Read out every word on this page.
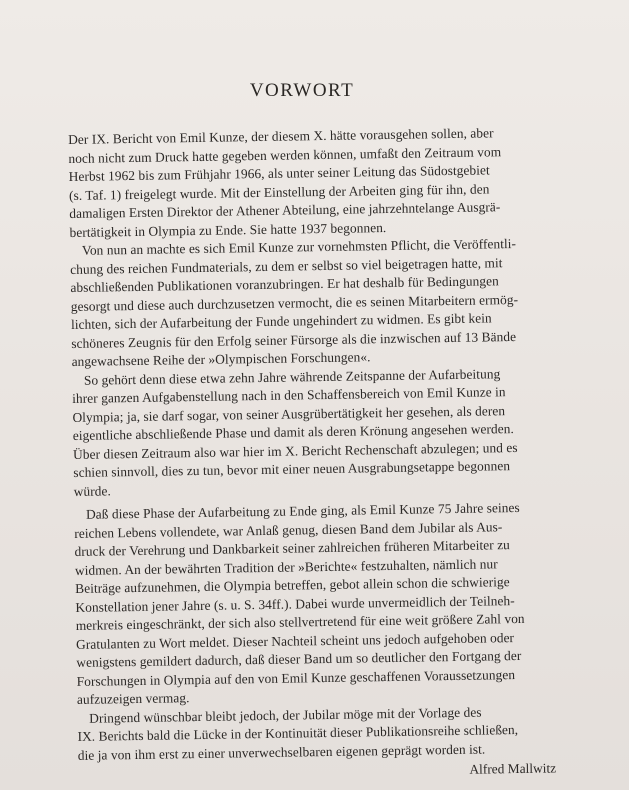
VORWORT
Der IX. Bericht von Emil Kunze, der diesem X. hätte vorausgehen sollen, aber
noch nicht zum Druck hatte gegeben werden können, umfaßt den Zeitraum vom
Herbst 1962 bis zum Frühjahr 1966, als unter seiner Leitung das Südostgebiet
(s. Taf. 1) freigelegt wurde. Mit der Einstellung der Arbeiten ging für ihn, den
damaligen Ersten Direktor der Athener Abteilung, eine jahrzehntelange Ausgrä-
bertätigkeit in Olympia zu Ende. Sie hatte 1937 begonnen.
Von nun an machte es sich Emil Kunze zur vornehmsten Pflicht, die Veröffentli-
chung des reichen Fundmaterials, zu dem er selbst so viel beigetragen hatte, mit
abschließenden Publikationen voranzubringen. Er hat deshalb für Bedingungen
gesorgt und diese auch durchzusetzen vermocht, die es seinen Mitarbeitern ermög-
lichten, sich der Aufarbeitung der Funde ungehindert zu widmen. Es gibt kein
schöneres Zeugnis für den Erfolg seiner Fürsorge als die inzwischen auf 13 Bände
angewachsene Reihe der »Olympischen Forschungen«.
So gehört denn diese etwa zehn Jahre währende Zeitspanne der Aufarbeitung
ihrer ganzen Aufgabenstellung nach in den Schaffensbereich von Emil Kunze in
Olympia; ja, sie darf sogar, von seiner Ausgrübertätigkeit her gesehen, als deren
eigentliche abschließende Phase und damit als deren Krönung angesehen werden.
Über diesen Zeitraum also war hier im X. Bericht Rechenschaft abzulegen; und es
schien sinnvoll, dies zu tun, bevor mit einer neuen Ausgrabungsetappe begonnen
würde.
Daß diese Phase der Aufarbeitung zu Ende ging, als Emil Kunze 75 Jahre seines
reichen Lebens vollendete, war Anlaß genug, diesen Band dem Jubilar als Aus-
druck der Verehrung und Dankbarkeit seiner zahlreichen früheren Mitarbeiter zu
widmen. An der bewährten Tradition der »Berichte« festzuhalten, nämlich nur
Beiträge aufzunehmen, die Olympia betreffen, gebot allein schon die schwierige
Konstellation jener Jahre (s. u. S. 34ff.). Dabei wurde unvermeidlich der Teilneh-
merkreis eingeschränkt, der sich also stellvertretend für eine weit größere Zahl von
Gratulanten zu Wort meldet. Dieser Nachteil scheint uns jedoch aufgehoben oder
wenigstens gemildert dadurch, daß dieser Band um so deutlicher den Fortgang der
Forschungen in Olympia auf den von Emil Kunze geschaffenen Voraussetzungen
aufzuzeigen vermag.
Dringend wünschbar bleibt jedoch, der Jubilar möge mit der Vorlage des
IX. Berichts bald die Lücke in der Kontinuität dieser Publikationsreihe schließen,
die ja von ihm erst zu einer unverwechselbaren eigenen geprägt worden ist.
Alfred Mallwitz
